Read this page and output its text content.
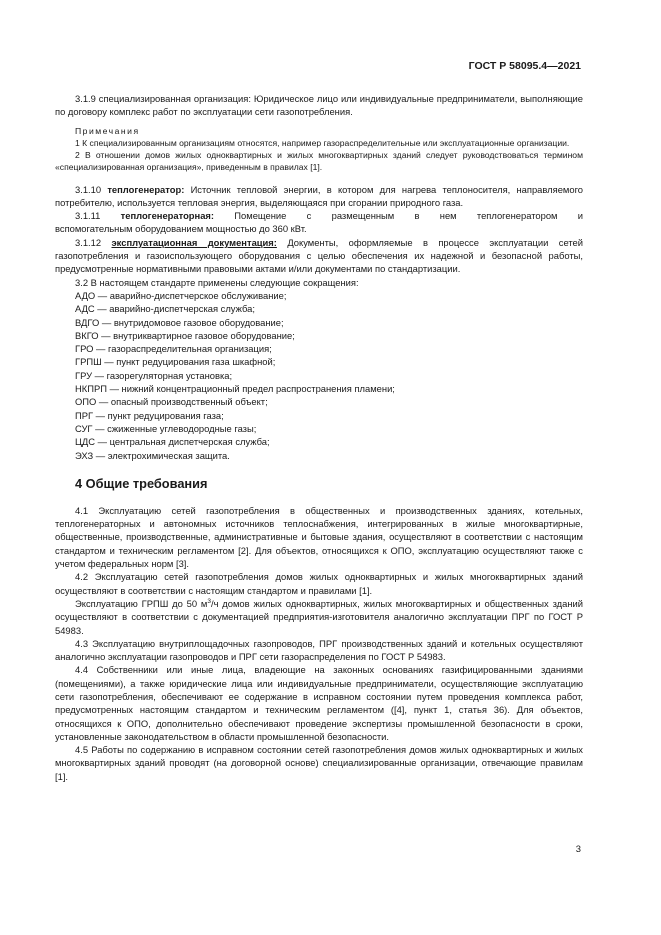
ГОСТ Р 58095.4—2021

3.1.9 специализированная организация: Юридическое лицо или индивидуальные предприниматели, выполняющие по договору комплекс работ по эксплуатации сети газопотребления.

Примечания

1 К специализированным организациям относятся, например газораспределительные или эксплуатационные организации.

2 В отношении домов жилых одноквартирных и жилых многоквартирных зданий следует руководствоваться термином «специализированная организация», приведенным в правилах [1].

3.1.10 теплогенератор: Источник тепловой энергии, в котором для нагрева теплоносителя, направляемого потребителю, используется тепловая энергия, выделяющаяся при сгорании природного газа.

3.1.11 теплогенераторная: Помещение с размещенным в нем теплогенератором и

вспомогательным оборудованием мощностью до 360 кВт.

3.1.12 эксплуатационная документация: Документы, оформляемые в процессе эксплуатации сетей газопотребления и газоиспользующего оборудования с целью обеспечения их надежной и безопасной работы, предусмотренные нормативными правовыми актами и/или документами по стандартизации.

3.2 В настоящем стандарте применены следующие сокращения:

АДО — аварийно-диспетчерское обслуживание;

АДС — аварийно-диспетчерская служба;

ВДГО — внутридомовое газовое оборудование;

ВКГО — внутриквартирное газовое оборудование;

ГРО — газораспределительная организация;

ГРПШ — пункт редуцирования газа шкафной;

ГРУ — газорегуляторная установка;

НКПРП — нижний концентрационный предел распространения пламени;

ОПО — опасный производственный объект;

ПРГ — пункт редуцирования газа;

СУГ — сжиженные углеводородные газы;

ЦДС — центральная диспетчерская служба;

ЭХЗ — электрохимическая защита.

4 Общие требования

4.1 Эксплуатацию сетей газопотребления в общественных и производственных зданиях, котельных, теплогенераторных и автономных источников теплоснабжения, интегрированных в жилые многоквартирные, общественные, производственные, административные и бытовые здания, осуществляют в соответствии с настоящим стандартом и техническим регламентом [2]. Для объектов, относящихся к ОПО, эксплуатацию осуществляют также с учетом федеральных норм [3].

4.2 Эксплуатацию сетей газопотребления домов жилых одноквартирных и жилых многоквартирных зданий осуществляют в соответствии с настоящим стандартом и правилами [1].

Эксплуатацию ГРПШ до 50 $м^3/ч$ домов жилых одноквартирных, жилых многоквартирных и общественных зданий осуществляют в соответствии с документацией предприятия-изготовителя аналогично эксплуатации ПРГ по ГОСТ Р 54983.

4.3 Эксплуатацию внутриплощадочных газопроводов, ПРГ производственных зданий и котельных осуществляют аналогично эксплуатации газопроводов и ПРГ сети газораспределения по ГОСТ Р 54983.

4.4 Собственники или иные лица, владеющие на законных основаниях газифицированными зданиями (помещениями), а также юридические лица или индивидуальные предприниматели, осуществляющие эксплуатацию сети газопотребления, обеспечивают ее содержание в исправном состоянии путем проведения комплекса работ, предусмотренных настоящим стандартом и техническим регламентом ([4], пункт 1, статья 36). Для объектов, относящихся к ОПО, дополнительно обеспечивают проведение экспертизы промышленной безопасности в сроки, установленные законодательством в области промышленной безопасности.

4.5 Работы по содержанию в исправном состоянии сетей газопотребления домов жилых одноквартирных и жилых многоквартирных зданий проводят (на договорной основе) специализированные организации, отвечающие правилам [1].

3
